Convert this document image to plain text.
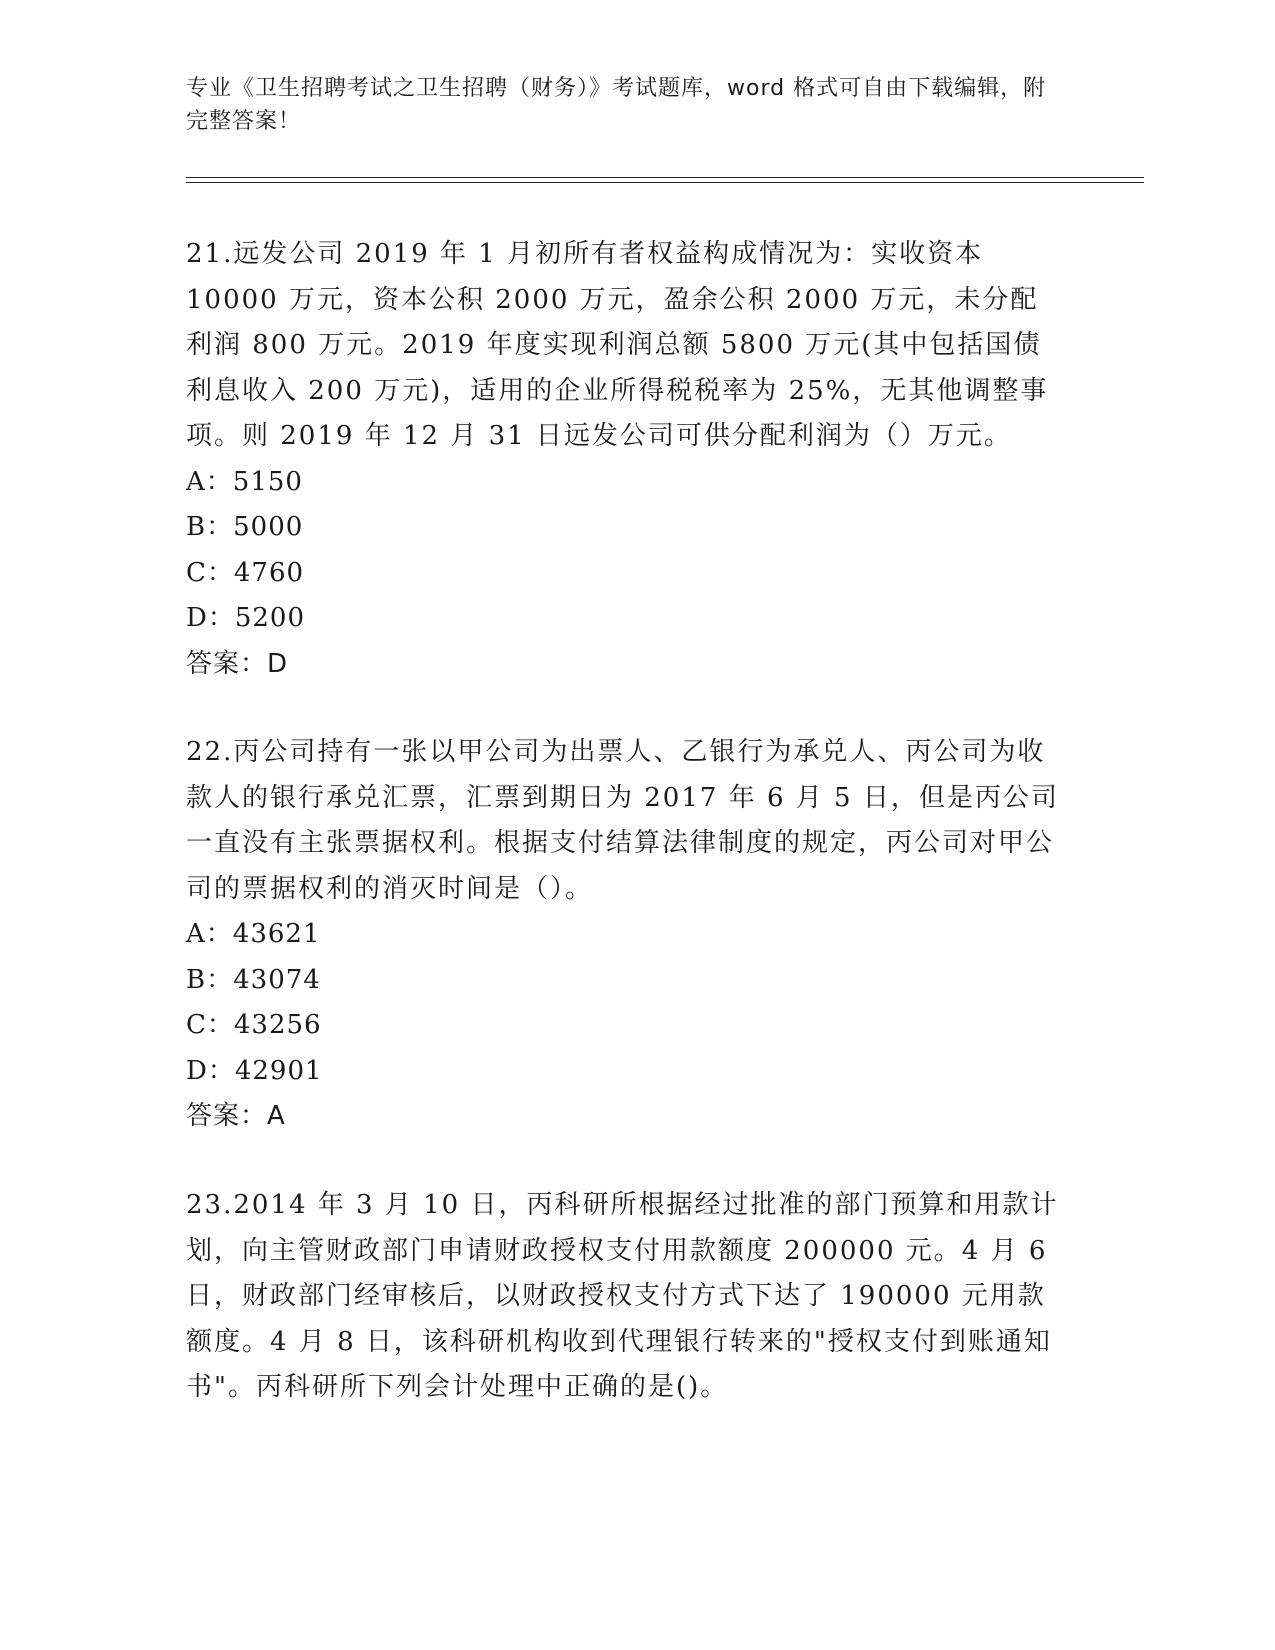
专业《卫生招聘考试之卫生招聘（财务）》考试题库，word 格式可自由下载编辑，附完整答案！

21.远发公司 2019 年 1 月初所有者权益构成情况为：实收资本 10000 万元，资本公积 2000 万元，盈余公积 2000 万元，未分配利润 800 万元。2019 年度实现利润总额 5800 万元(其中包括国债利息收入 200 万元)，适用的企业所得税税率为 25%，无其他调整事项。则 2019 年 12 月 31 日远发公司可供分配利润为（）万元。

A：5150

B：5000

C：4760

D：5200

答案：D

22.丙公司持有一张以甲公司为出票人、乙银行为承兑人、丙公司为收款人的银行承兑汇票，汇票到期日为 2017 年 6 月 5 日，但是丙公司一直没有主张票据权利。根据支付结算法律制度的规定，丙公司对甲公司的票据权利的消灭时间是（）。

A：43621

B：43074

C：43256

D：42901

答案：A

23.2014 年 3 月 10 日，丙科研所根据经过批准的部门预算和用款计划，向主管财政部门申请财政授权支付用款额度 200000 元。4 月 6 日，财政部门经审核后，以财政授权支付方式下达了 190000 元用款额度。4 月 8 日，该科研机构收到代理银行转来的"授权支付到账通知书"。丙科研所下列会计处理中正确的是()。
